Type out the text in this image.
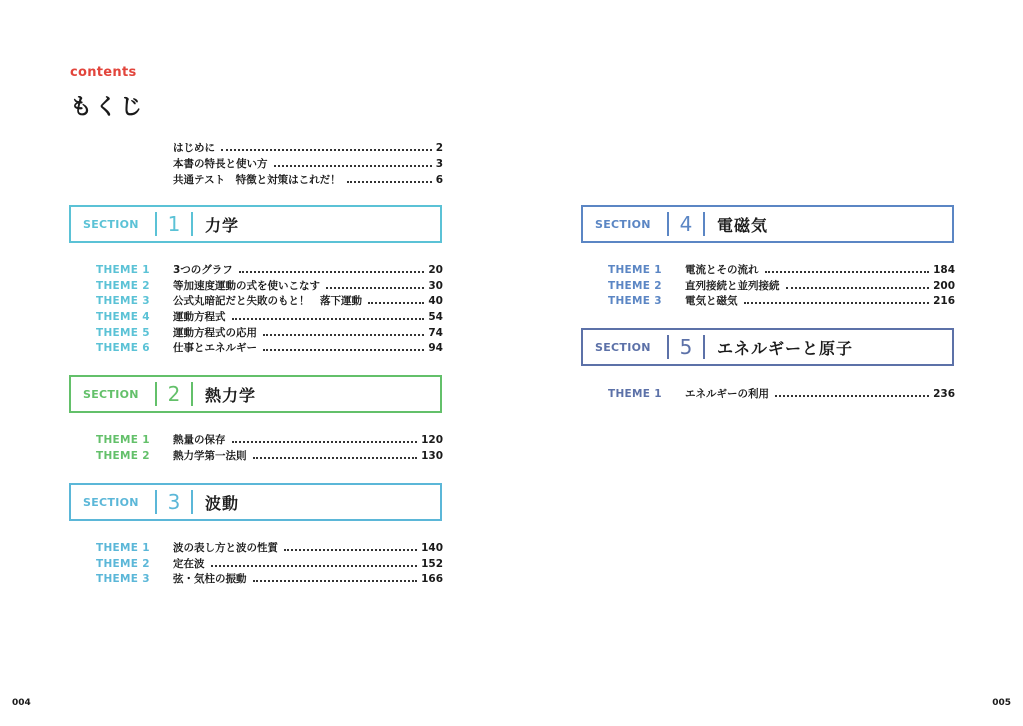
contents
もくじ
はじめに	2
本書の特長と使い方	3
共通テスト　特徴と対策はこれだ！	6
SECTION	1	力学
THEME 1	3つのグラフ	20
THEME 2	等加速度運動の式を使いこなす	30
THEME 3	公式丸暗記だと失敗のもと！　落下運動	40
THEME 4	運動方程式	54
THEME 5	運動方程式の応用	74
THEME 6	仕事とエネルギー	94
SECTION	2	熱力学
THEME 1	熱量の保存	120
THEME 2	熱力学第一法則	130
SECTION	3	波動
THEME 1	波の表し方と波の性質	140
THEME 2	定在波	152
THEME 3	弦・気柱の振動	166
SECTION	4	電磁気
THEME 1	電流とその流れ	184
THEME 2	直列接続と並列接続	200
THEME 3	電気と磁気	216
SECTION	5	エネルギーと原子
THEME 1	エネルギーの利用	236
004	005
